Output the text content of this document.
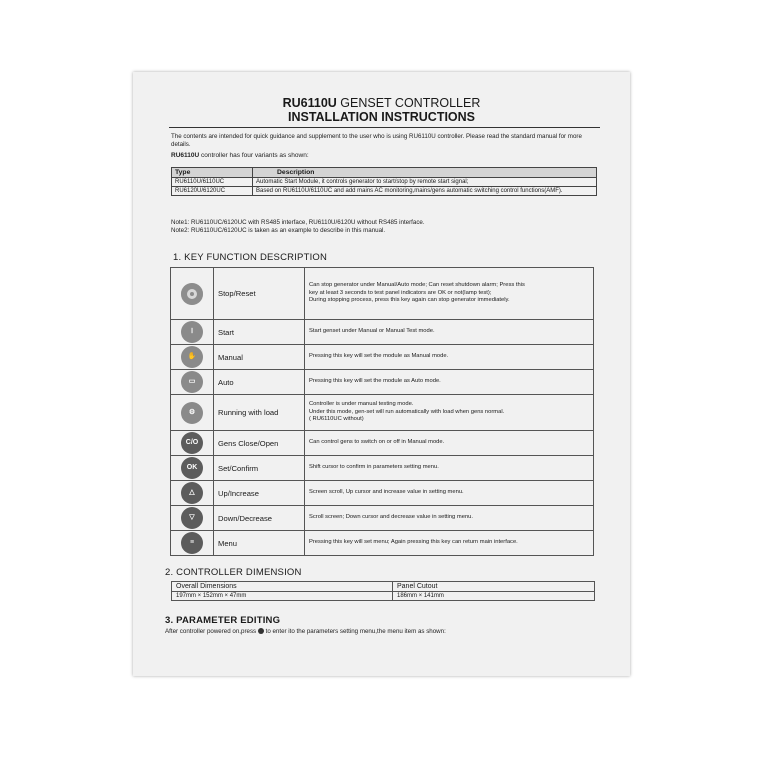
RU6110U GENSET CONTROLLER
INSTALLATION INSTRUCTIONS
The contents are intended for quick guidance and supplement to the user who is using RU6110U controller. Please read the standard manual for more details.
RU6110U controller has four variants as shown:
Type	Description
RU6110U/6110UC	Automatic Start Module, it controls generator to start/stop by remote start signal;
RU6120U/6120UC	Based on RU6110U/6110UC and add mains AC monitoring,mains/gens automatic switching control functions(AMF).
Note1: RU6110UC/6120UC with RS485 interface, RU6110U/6120U without RS485 interface.
Note2: RU6110UC/6120UC is taken as an example to describe in this manual.
1. KEY FUNCTION DESCRIPTION
	Stop/Reset	Can stop generator under Manual/Auto mode; Can reset shutdown alarm; Press this
key at least 3 seconds to test panel indicators are OK or not(lamp test);
During stopping process, press this key again can stop generator immediately.

Ⅰ	Start	Start genset under Manual or Manual Test mode.

✋	Manual	Pressing this key will set the module as Manual mode.

▭	Auto	Pressing this key will set the module as Auto mode.

⚙	Running with load	Controller is under manual testing mode.
Under this mode, gen-set will run automatically with load when gens normal.
( RU6110UC without)

C/O	Gens Close/Open	Can control gens to switch on or off in Manual mode.

OK	Set/Confirm	Shift cursor to confirm in parameters setting menu.

△	Up/Increase	Screen scroll, Up cursor and increase value in setting menu.

▽	Down/Decrease	Scroll screen; Down cursor and decrease value in setting menu.

≡	Menu	Pressing this key will set menu; Again pressing this key can return main interface.
2. CONTROLLER DIMENSION
Overall Dimensions	Panel Cutout
197mm × 152mm × 47mm	186mm × 141mm
3. PARAMETER EDITING
After controller powered on,press  to enter ito the parameters setting menu,the menu item as shown:
